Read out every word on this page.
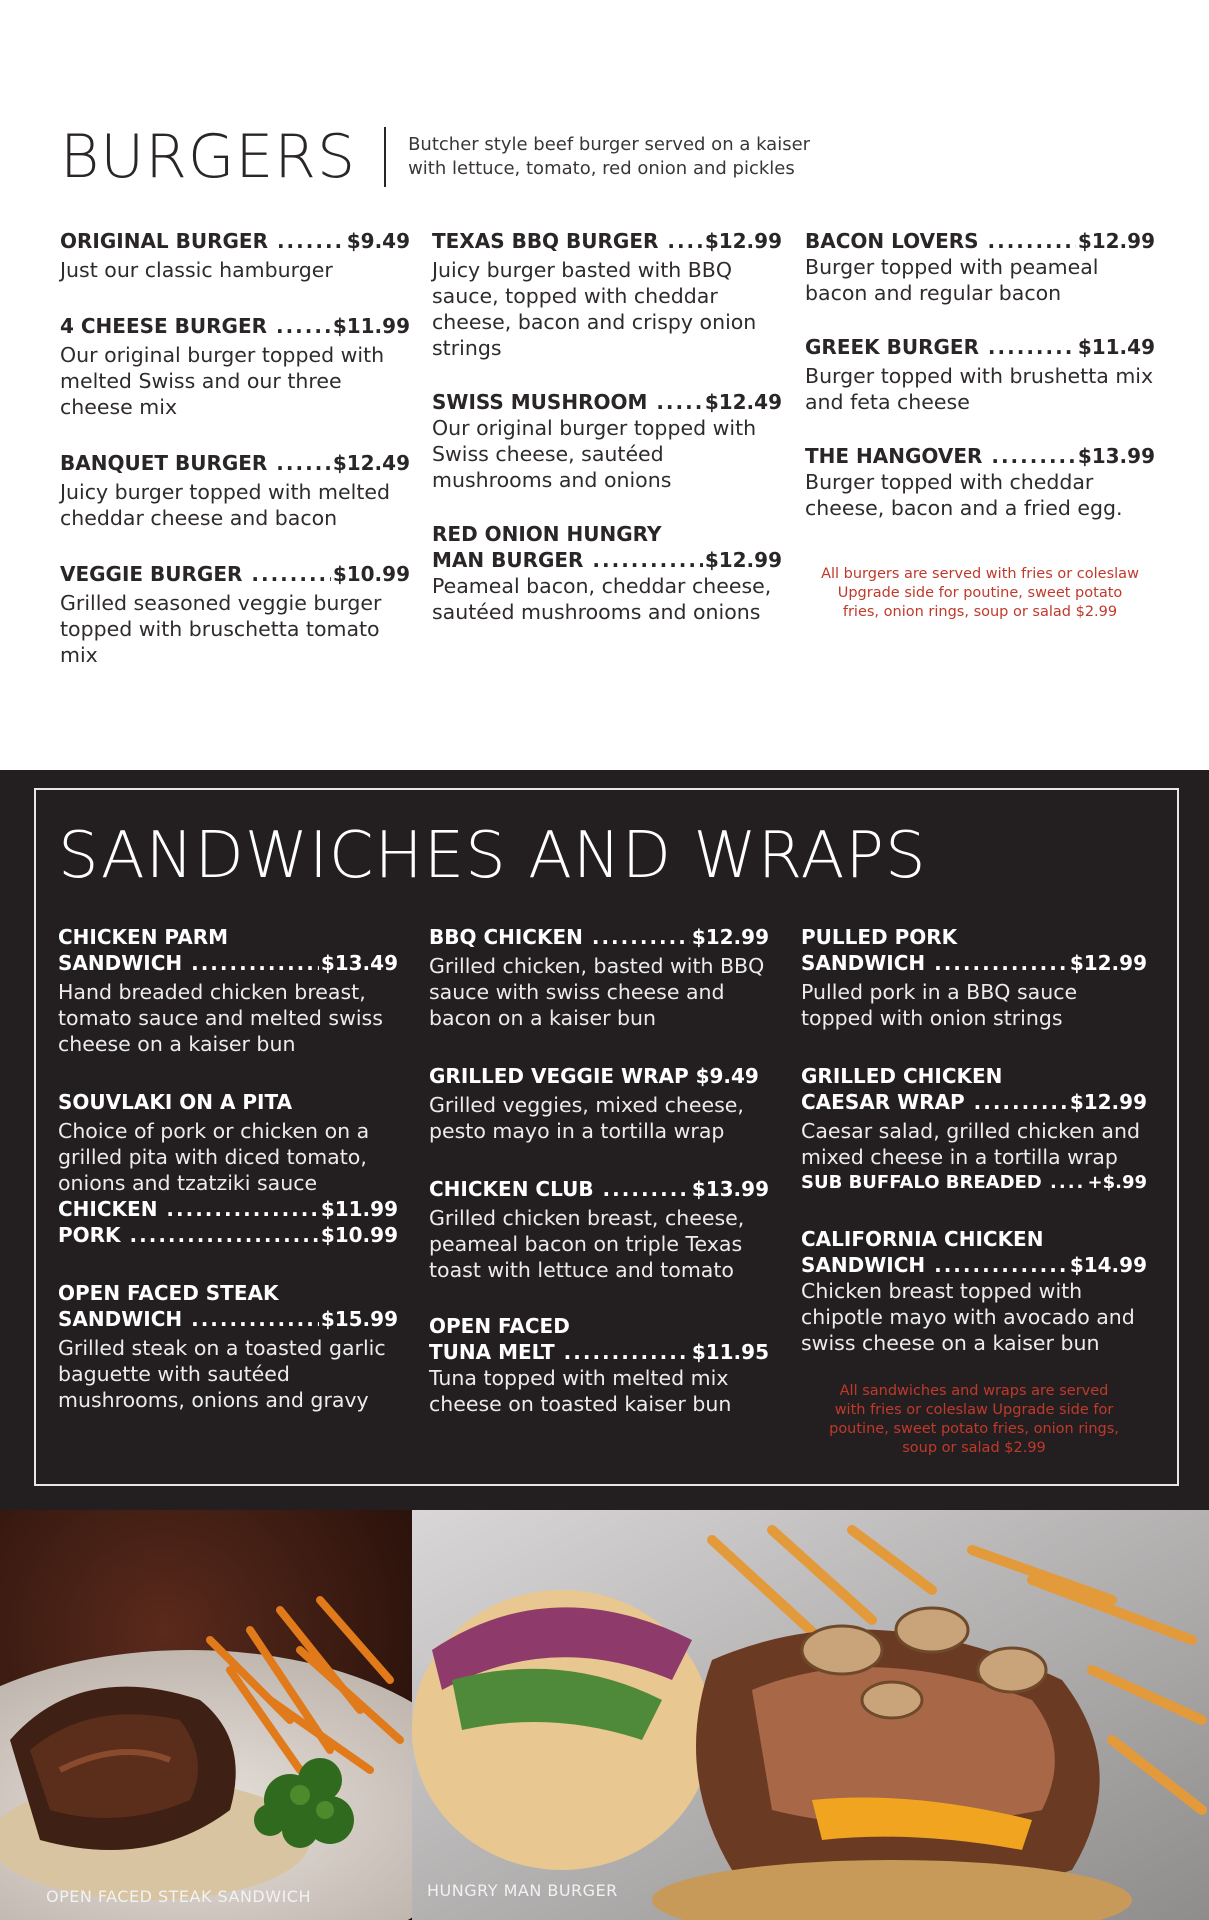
BURGERS	Butcher style beef burger served on a kaiser with lettuce, tomato, red onion and pickles

ORIGINAL BURGER .....	$9.49

Just our classic hamburger

4 CHEESE BURGER .....	$11.99

Our original burger topped with melted Swiss and our three cheese mix

BANQUET BURGER .....	$12.49

Juicy burger topped with melted cheddar cheese and bacon

VEGGIE BURGER .....	$10.99

Grilled seasoned veggie burger topped with bruschetta tomato mix

TEXAS BBQ BURGER .....	$12.99

Juicy burger basted with BBQ sauce, topped with cheddar cheese, bacon and crispy onion strings

SWISS MUSHROOM .....	$12.49

Our original burger topped with Swiss cheese, sautéed mushrooms and onions

RED ONION HUNGRY
MAN BURGER .....	$12.99

Peameal bacon, cheddar cheese, sautéed mushrooms and onions

BACON LOVERS .....	$12.99

Burger topped with peameal bacon and regular bacon

GREEK BURGER .....	$11.49

Burger topped with brushetta mix and feta cheese

THE HANGOVER .....	$13.99

Burger topped with cheddar cheese, bacon and a fried egg.

All burgers are served with fries or coleslaw Upgrade side for poutine, sweet potato fries, onion rings, soup or salad $2.99

SANDWICHES AND WRAPS
CHICKEN PARM
SANDWICH .....	$13.49

Hand breaded chicken breast, tomato sauce and melted swiss cheese on a kaiser bun

SOUVLAKI ON A PITA

Choice of pork or chicken on a grilled pita with diced tomato, onions and tzatziki sauce

CHICKEN .....	$11.99
PORK .....	$10.99
OPEN FACED STEAK
SANDWICH .....	$15.99

Grilled steak on a toasted garlic baguette with sautéed mushrooms, onions and gravy

BBQ CHICKEN .....	$12.99

Grilled chicken, basted with BBQ sauce with swiss cheese and bacon on a kaiser bun

GRILLED VEGGIE WRAP $9.49

Grilled veggies, mixed cheese, pesto mayo in a tortilla wrap

CHICKEN CLUB .....	$13.99

Grilled chicken breast, cheese, peameal bacon on triple Texas toast with lettuce and tomato

OPEN FACED
TUNA MELT .....	$11.95

Tuna topped with melted mix cheese on toasted kaiser bun

PULLED PORK
SANDWICH .....	$12.99

Pulled pork in a BBQ sauce topped with onion strings

GRILLED CHICKEN
CAESAR WRAP .....	$12.99

Caesar salad, grilled chicken and mixed cheese in a tortilla wrap

SUB BUFFALO BREADED .....	+$.99
CALIFORNIA CHICKEN
SANDWICH .....	$14.99

Chicken breast topped with chipotle mayo with avocado and swiss cheese on a kaiser bun

All sandwiches and wraps are served with fries or coleslaw Upgrade side for poutine, sweet potato fries, onion rings, soup or salad $2.99

OPEN FACED STEAK SANDWICH	HUNGRY MAN BURGER
